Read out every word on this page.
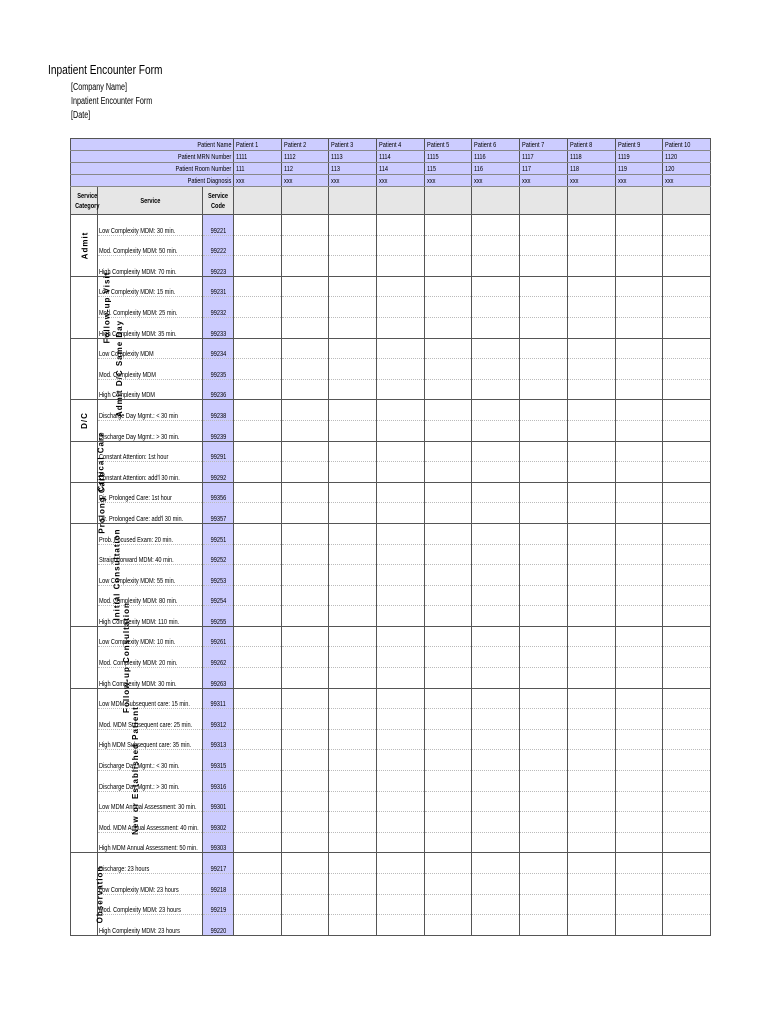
Inpatient Encounter Form
[Company Name]
Inpatient Encounter Form
[Date]
Patient Name			Patient 1	Patient 2	Patient 3	Patient 4	Patient 5	Patient 6	Patient 7	Patient 8	Patient 9	Patient 10
Patient MRN Number			1111	1112	1113	1114	1115	1116	1117	1118	1119	1120
Patient Room Number			111	112	113	114	115	116	117	118	119	120
Patient Diagnosis			xxx	xxx	xxx	xxx	xxx	xxx	xxx	xxx	xxx	xxx
Service Category	Service	Service Code										
Admit	Low Complexity MDM: 30 min.	99221										
	Mod. Complexity MDM: 50 min.	99222										
	High Complexity MDM: 70 min.	99223										
Follow-up Visit	Low Complexity MDM: 15 min.	99231										
	Mod. Complexity MDM: 25 min.	99232										
	High Complexity MDM: 35 min.	99233										
Admit D/C Same Day	Low Complexity MDM	99234										
	Mod. Complexity MDM	99235										
	High Complexity MDM	99236										
D/C	Discharge Day Mgmt.: < 30 min	99238										
	Discharge Day Mgmt.: > 30 min.	99239										
Critical Care	Constant Attention: 1st hour	99291										
	Constant Attention: add'l 30 min.	99292										
Prolong Care	Dir. Prolonged Care: 1st hour	99356										
	Dir. Prolonged Care: add'l 30 min.	99357										
Initial Consultation	Prob. Focused Exam: 20 min.	99251										
	Straightforward MDM: 40 min.	99252										
	Low Complexity MDM: 55 min.	99253										
	Mod. Complexity MDM: 80 min.	99254										
	High Complexity MDM: 110 min.	99255										
Follow-up Consultation	Low Complexity MDM: 10 min.	99261										
	Mod. Complexity MDM: 20 min.	99262										
	High Complexity MDM: 30 min.	99263										
New or Established Patient	Low MDM Subsequent care: 15 min.	99311										
	Mod. MDM Subsequent care: 25 min.	99312										
	High MDM Subsequent care: 35 min.	99313										
	Discharge Day Mgmt.: < 30 min.	99315										
	Discharge Day Mgmt.: > 30 min.	99316										
	Low MDM Annual Assessment: 30 min.	99301										
	Mod. MDM Annual Assessment: 40 min.	99302										
	High MDM Annual Assessment: 50 min.	99303										
Observation	Discharge: 23 hours	99217										
	Low Complexity MDM: 23 hours	99218										
	Mod. Complexity MDM: 23 hours	99219										
	High Complexity MDM: 23 hours	99220										
